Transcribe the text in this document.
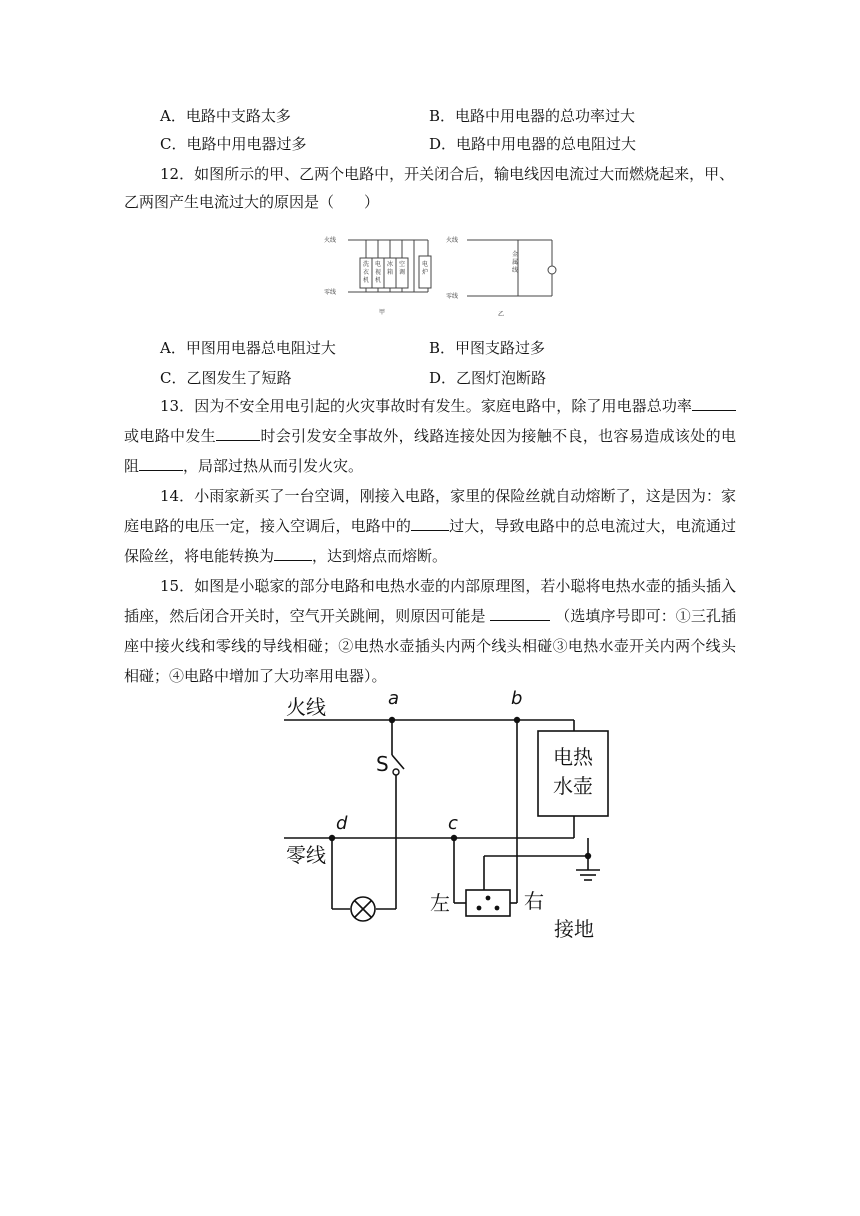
A．电路中支路太多	B．电路中用电器的总功率过大
C．电路中用电器过多	D．电路中用电器的总电阻过大
12．如图所示的甲、乙两个电路中，开关闭合后，输电线因电流过大而燃烧起来，甲、
乙两图产生电流过大的原因是（　　）
火线
零线
甲
火线
零线
乙
洗衣机
电视机
冰箱
空调
电炉
金属线
A．甲图用电器总电阻过大	B．甲图支路过多
C．乙图发生了短路	D．乙图灯泡断路
13．因为不安全用电引起的火灾事故时有发生。家庭电路中，除了用电器总功率 或电路中发生	时会引发安全事故外，线路连接处因为接触不良，也容易造成该处的电 阻	，局部过热从而引发火灾。
14．小雨家新买了一台空调，刚接入电路，家里的保险丝就自动熔断了，这是因为：家庭电路的电压一定，接入空调后，电路中的	过大，导致电路中的总电流过大，电流通过保险丝，将电能转换为	，达到熔点而熔断。
15．如图是小聪家的部分电路和电热水壶的内部原理图，若小聪将电热水壶的插头插入插座，然后闭合开关时，空气开关跳闸，则原因可能是	（选填序号即可：①三孔插座中接火线和零线的导线相碰；②电热水壶插头内两个线头相碰③电热水壶开关内两个线头相碰；④电路中增加了大功率用电器）。
火线
零线
S	电热
水壶
左	右
接地
a	b
c
d
